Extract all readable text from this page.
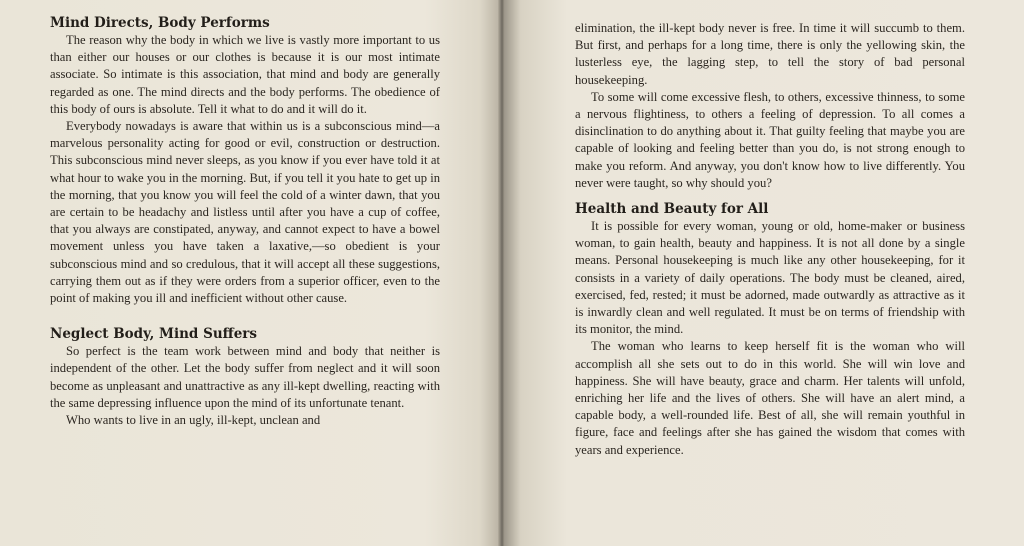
Mind Directs, Body Performs

The reason why the body in which we live is vastly more important to us than either our houses or our clothes is because it is our most intimate associate. So intimate is this association, that mind and body are generally regarded as one. The mind directs and the body performs. The obedience of this body of ours is absolute. Tell it what to do and it will do it.

Everybody nowadays is aware that within us is a subconscious mind—a marvelous personality acting for good or evil, construction or destruction. This subconscious mind never sleeps, as you know if you ever have told it at what hour to wake you in the morning. But, if you tell it you hate to get up in the morning, that you know you will feel the cold of a winter dawn, that you are certain to be headachy and listless until after you have a cup of coffee, that you always are constipated, anyway, and cannot expect to have a bowel movement unless you have taken a laxative,—so obedient is your subconscious mind and so credulous, that it will accept all these suggestions, carrying them out as if they were orders from a superior officer, even to the point of making you ill and inefficient without other cause.

Neglect Body, Mind Suffers

So perfect is the team work between mind and body that neither is independent of the other. Let the body suffer from neglect and it will soon become as unpleasant and unattractive as any ill-kept dwelling, reacting with the same depressing influence upon the mind of its unfortunate tenant.

Who wants to live in an ugly, ill-kept, unclean and

elimination, the ill-kept body never is free. In time it will succumb to them. But first, and perhaps for a long time, there is only the yellowing skin, the lusterless eye, the lagging step, to tell the story of bad personal housekeeping.

To some will come excessive flesh, to others, excessive thinness, to some a nervous flightiness, to others a feeling of depression. To all comes a disinclination to do anything about it. That guilty feeling that maybe you are capable of looking and feeling better than you do, is not strong enough to make you reform. And anyway, you don't know how to live differently. You never were taught, so why should you?

Health and Beauty for All

It is possible for every woman, young or old, home-maker or business woman, to gain health, beauty and happiness. It is not all done by a single means. Personal housekeeping is much like any other housekeeping, for it consists in a variety of daily operations. The body must be cleaned, aired, exercised, fed, rested; it must be adorned, made outwardly as attractive as it is inwardly clean and well regulated. It must be on terms of friendship with its monitor, the mind.

The woman who learns to keep herself fit is the woman who will accomplish all she sets out to do in this world. She will win love and happiness. She will have beauty, grace and charm. Her talents will unfold, enriching her life and the lives of others. She will have an alert mind, a capable body, a well-rounded life. Best of all, she will remain youthful in figure, face and feelings after she has gained the wisdom that comes with years and experience.
